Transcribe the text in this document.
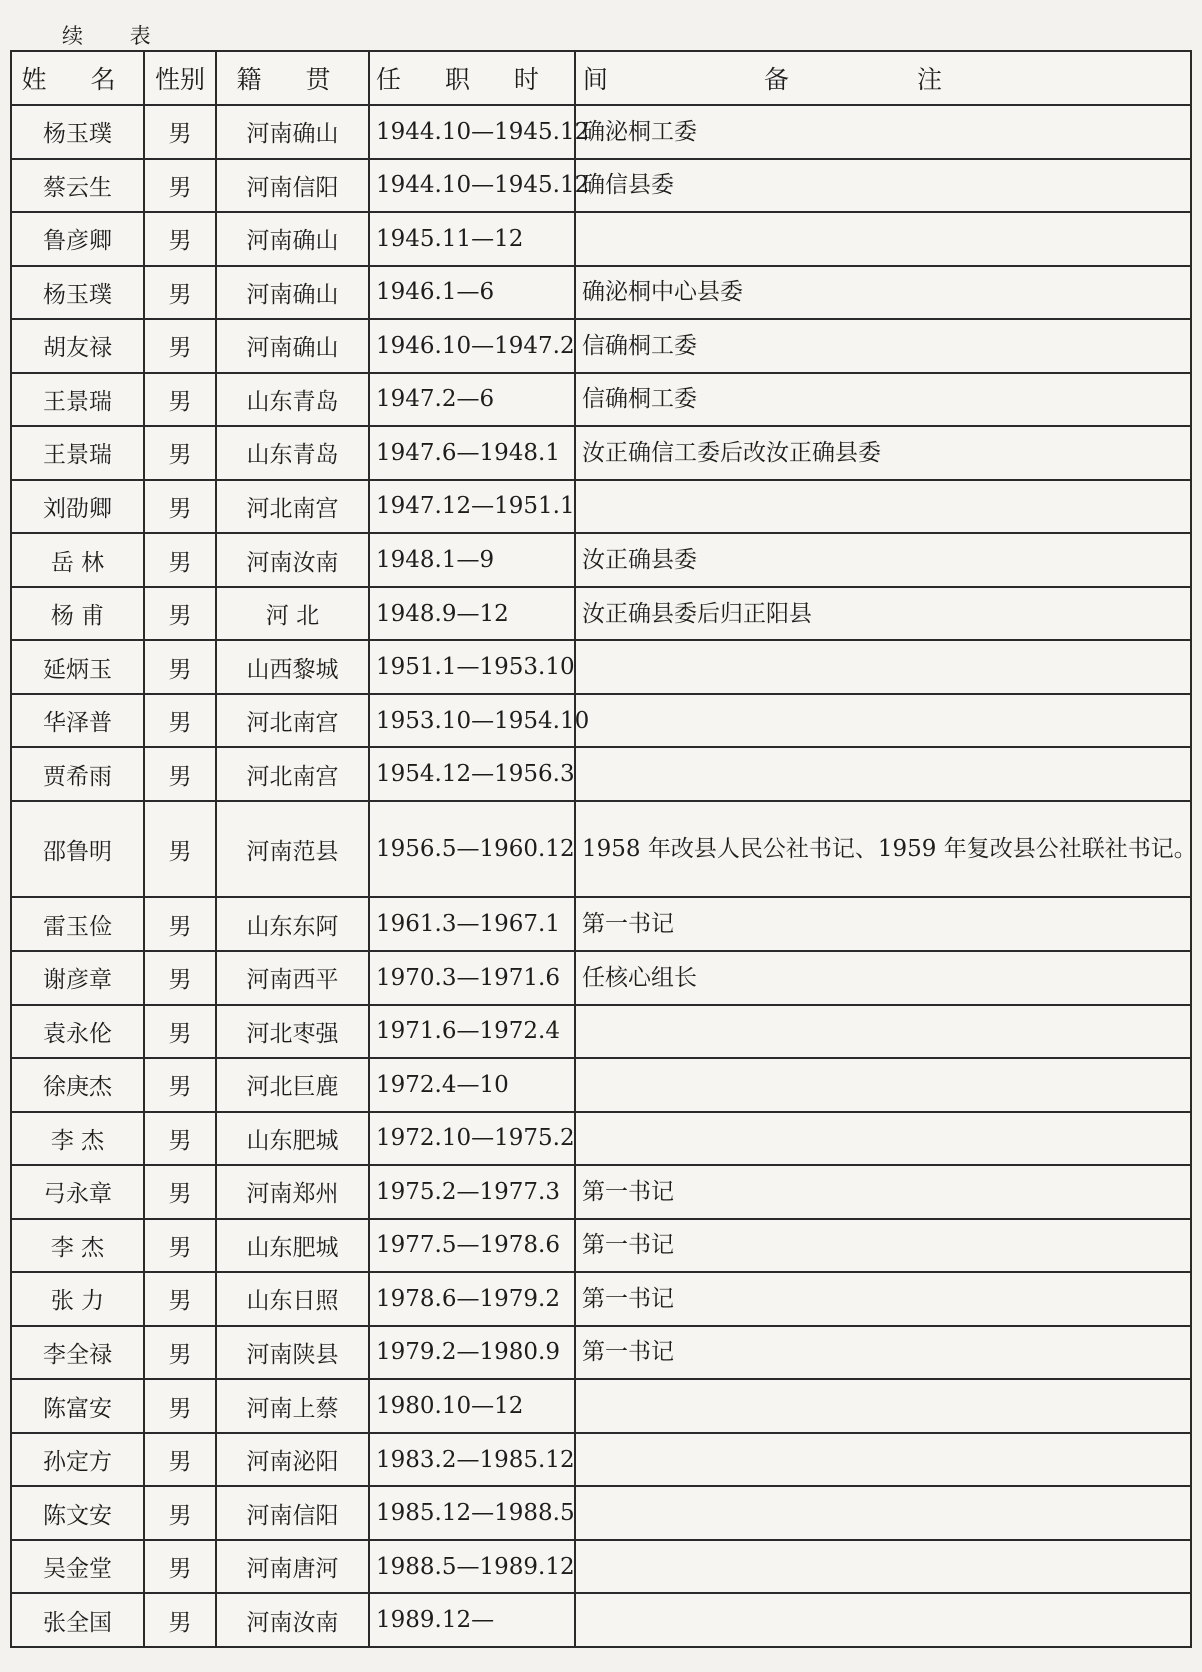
续 表
姓 名	性别	籍 贯	任 职 时 间	备 注
杨玉璞	男	河南确山	1944.10—1945.12	确泌桐工委
蔡云生	男	河南信阳	1944.10—1945.12	确信县委
鲁彦卿	男	河南确山	1945.11—12	
杨玉璞	男	河南确山	1946.1—6	确泌桐中心县委
胡友禄	男	河南确山	1946.10—1947.2	信确桐工委
王景瑞	男	山东青岛	1947.2—6	信确桐工委
王景瑞	男	山东青岛	1947.6—1948.1	汝正确信工委后改汝正确县委
刘劭卿	男	河北南宫	1947.12—1951.1	
岳 林	男	河南汝南	1948.1—9	汝正确县委
杨 甫	男	河 北	1948.9—12	汝正确县委后归正阳县
延炳玉	男	山西黎城	1951.1—1953.10	
华泽普	男	河北南宫	1953.10—1954.10	
贾希雨	男	河北南宫	1954.12—1956.3	
邵鲁明	男	河南范县	1956.5—1960.12	1958 年改县人民公社书记、1959 年复改县公社联社书记。
雷玉俭	男	山东东阿	1961.3—1967.1	第一书记
谢彦章	男	河南西平	1970.3—1971.6	任核心组长
袁永伦	男	河北枣强	1971.6—1972.4	
徐庚杰	男	河北巨鹿	1972.4—10	
李 杰	男	山东肥城	1972.10—1975.2	
弓永章	男	河南郑州	1975.2—1977.3	第一书记
李 杰	男	山东肥城	1977.5—1978.6	第一书记
张 力	男	山东日照	1978.6—1979.2	第一书记
李全禄	男	河南陕县	1979.2—1980.9	第一书记
陈富安	男	河南上蔡	1980.10—12	
孙定方	男	河南泌阳	1983.2—1985.12	
陈文安	男	河南信阳	1985.12—1988.5	
吴金堂	男	河南唐河	1988.5—1989.12	
张全国	男	河南汝南	1989.12—	
